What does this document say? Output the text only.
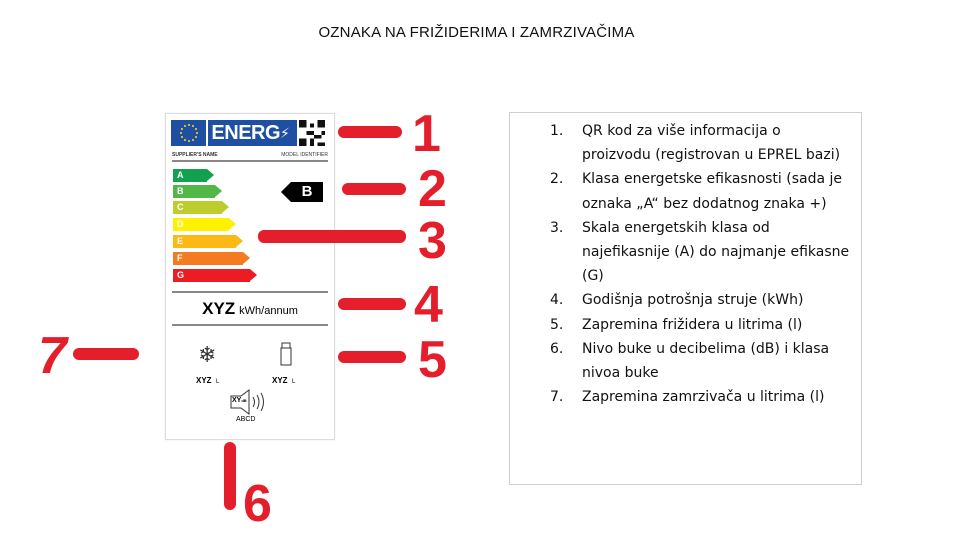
OZNAKA NA FRIŽIDERIMA I ZAMRZIVAČIMA
ENERG⚡
SUPPLIER'S NAME	MODEL IDENTIFIER
A
B
C
D
E
F
G
B
XYZ kWh/annum
❄
XYZ L	XYZ L
XYdB
ABCD
1
2
3
4
5
6
7
1. QR kod za više informacija o proizvodu (registrovan u EPREL bazi)
2. Klasa energetske efikasnosti (sada je oznaka „A“ bez dodatnog znaka +)
3. Skala energetskih klasa od najefikasnije (A) do najmanje efikasne (G)
4. Godišnja potrošnja struje (kWh)
5. Zapremina frižidera u litrima (l)
6. Nivo buke u decibelima (dB) i klasa nivoa buke
7. Zapremina zamrzivača u litrima (l)
